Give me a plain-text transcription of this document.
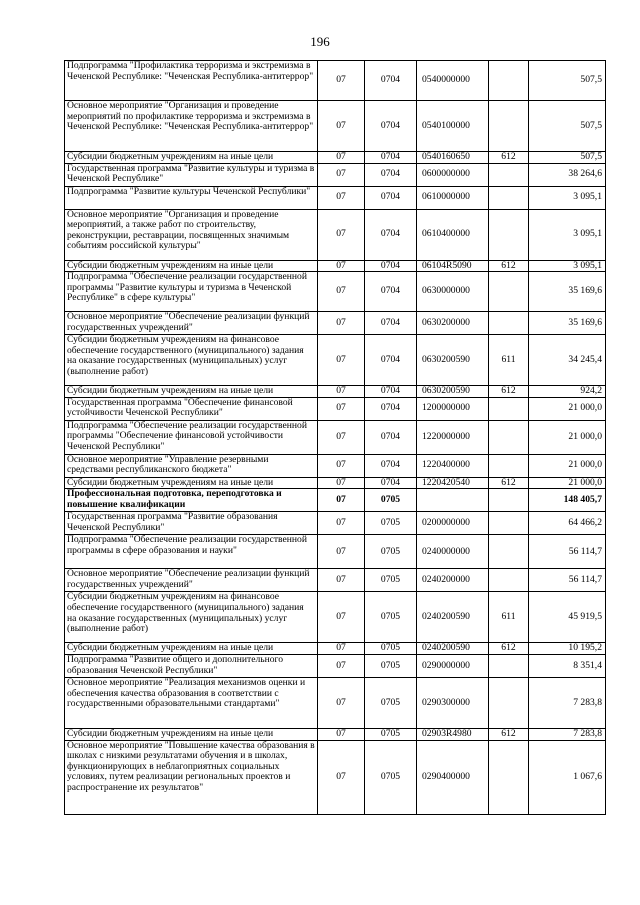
196
Подпрограмма "Профилактика терроризма и экстремизма в Чеченской Республике: "Чеченская Республика-антитеррор"	07	0704	0540000000		507,5
Основное мероприятие "Организация и проведение мероприятий по профилактике терроризма и экстремизма в Чеченской Республике: "Чеченская Республика-антитеррор"	07	0704	0540100000		507,5
Субсидии бюджетным учреждениям на иные цели	07	0704	0540160650	612	507,5
Государственная программа "Развитие культуры и туризма в Чеченской Республике"	07	0704	0600000000		38 264,6
Подпрограмма "Развитие культуры Чеченской Республики"	07	0704	0610000000		3 095,1
Основное мероприятие "Организация и проведение мероприятий, а также работ по строительству, реконструкции, реставрации, посвященных значимым событиям российской культуры"	07	0704	0610400000		3 095,1
Субсидии бюджетным учреждениям на иные цели	07	0704	06104R5090	612	3 095,1
Подпрограмма "Обеспечение реализации государственной программы "Развитие культуры и туризма в Чеченской Республике" в сфере культуры"	07	0704	0630000000		35 169,6
Основное мероприятие "Обеспечение реализации функций государственных учреждений"	07	0704	0630200000		35 169,6
Субсидии бюджетным учреждениям на финансовое обеспечение государственного (муниципального) задания на оказание государственных (муниципальных) услуг (выполнение работ)	07	0704	0630200590	611	34 245,4
Субсидии бюджетным учреждениям на иные цели	07	0704	0630200590	612	924,2
Государственная программа "Обеспечение финансовой устойчивости Чеченской Республики"	07	0704	1200000000		21 000,0
Подпрограмма "Обеспечение реализации государственной программы "Обеспечение финансовой устойчивости Чеченской Республики"	07	0704	1220000000		21 000,0
Основное мероприятие "Управление резервными средствами республиканского бюджета"	07	0704	1220400000		21 000,0
Субсидии бюджетным учреждениям на иные цели	07	0704	1220420540	612	21 000,0
Профессиональная подготовка, переподготовка и повышение квалификации	07	0705			148 405,7
Государственная программа "Развитие образования Чеченской Республики"	07	0705	0200000000		64 466,2
Подпрограмма "Обеспечение реализации государственной программы в сфере образования и науки"	07	0705	0240000000		56 114,7
Основное мероприятие "Обеспечение реализации функций государственных учреждений"	07	0705	0240200000		56 114,7
Субсидии бюджетным учреждениям на финансовое обеспечение государственного (муниципального) задания на оказание государственных (муниципальных) услуг (выполнение работ)	07	0705	0240200590	611	45 919,5
Субсидии бюджетным учреждениям на иные цели	07	0705	0240200590	612	10 195,2
Подпрограмма "Развитие общего и дополнительного образования Чеченской Республики"	07	0705	0290000000		8 351,4
Основное мероприятие "Реализация механизмов оценки и обеспечения качества образования в соответствии с государственными образовательными стандартами"	07	0705	0290300000		7 283,8
Субсидии бюджетным учреждениям на иные цели	07	0705	02903R4980	612	7 283,8
Основное мероприятие "Повышение качества образования в школах с низкими результатами обучения и в школах, функционирующих в неблагоприятных социальных условиях, путем реализации региональных проектов и распространение их результатов"	07	0705	0290400000		1 067,6
